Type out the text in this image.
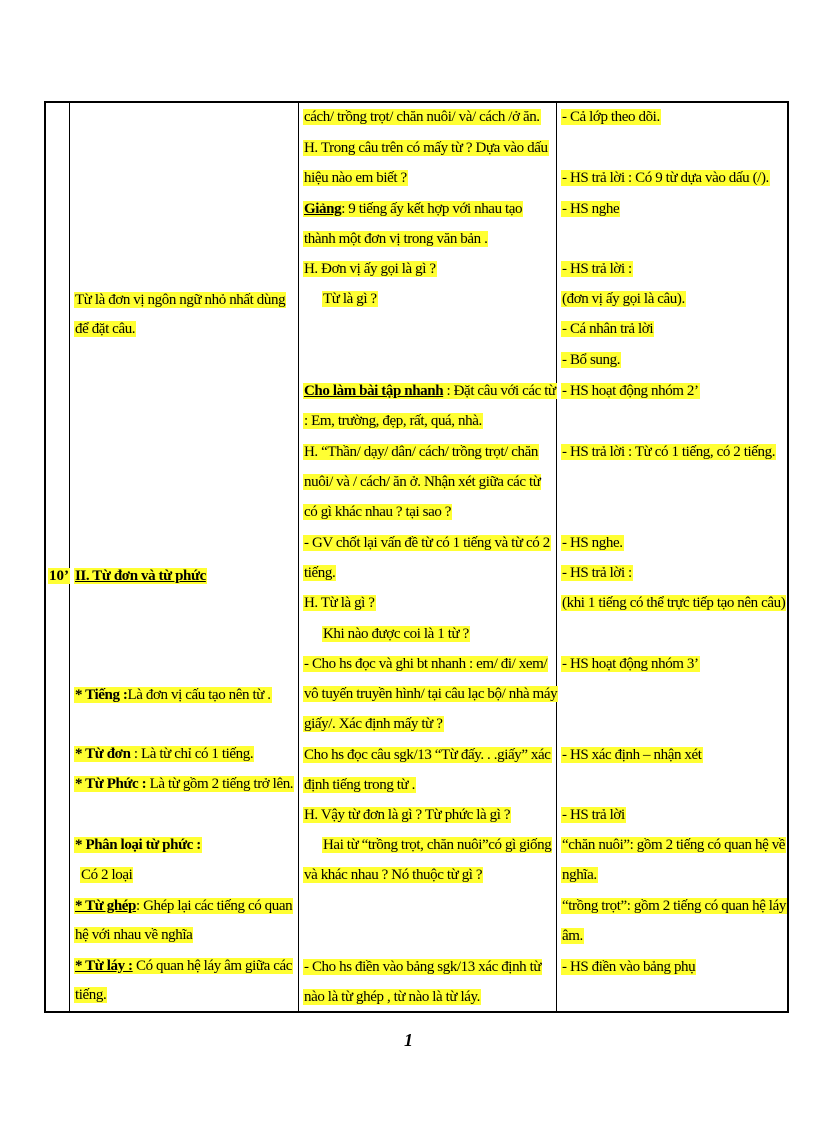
10’
Từ là đơn vị ngôn ngữ nhỏ nhất dùng
để đặt câu.
II. Từ đơn và từ phức
* Tiếng :Là đơn vị cấu tạo nên từ .
* Từ đơn : Là từ chỉ có 1 tiếng.
* Từ Phức : Là từ gồm 2 tiếng trở lên.
* Phân loại từ phức :
Có 2 loại
* Từ ghép: Ghép lại các tiếng có quan
hệ với nhau về nghĩa
* Từ láy : Có quan hệ láy âm giữa các
tiếng.
cách/ trồng trọt/ chăn nuôi/ và/ cách /ở ăn.
H. Trong câu trên có mấy từ ? Dựa vào dấu
hiệu nào em biết ?
Giảng: 9 tiếng ấy kết hợp với nhau tạo
thành một đơn vị trong văn bản .
H. Đơn vị ấy gọi là gì ?
Từ là gì ?
Cho làm bài tập nhanh : Đặt câu với các từ
: Em, trường, đẹp, rất, quá, nhà.
H. “Thần/ dạy/ dân/ cách/ trồng trọt/ chăn
nuôi/ và / cách/ ăn ở. Nhận xét giữa các từ
có gì khác nhau ? tại sao ?
- GV chốt lại vấn đề từ có 1 tiếng và từ có 2
tiếng.
H. Từ là gì ?
Khi nào được coi là 1 từ ?
- Cho hs đọc và ghi bt nhanh : em/ đi/ xem/
vô tuyến truyền hình/ tại câu lạc bộ/ nhà máy
giấy/. Xác định mấy từ ?
Cho hs đọc câu sgk/13 “Từ đấy. . .giấy” xác
định tiếng trong từ .
H. Vậy từ đơn là gì ? Từ phức là gì ?
Hai từ “trồng trọt, chăn nuôi”có gì giống
và khác nhau ? Nó thuộc từ gì ?
- Cho hs điền vào bảng sgk/13 xác định từ
nào là từ ghép , từ nào là từ láy.
- Cả lớp theo dõi.
- HS trả lời : Có 9 từ dựa vào dấu (/).
- HS nghe
- HS trả lời :
(đơn vị ấy gọi là câu).
- Cá nhân trả lời
- Bổ sung.
- HS hoạt động nhóm 2’
- HS trả lời : Từ có 1 tiếng, có 2 tiếng.
- HS nghe.
- HS trả lời :
(khi 1 tiếng có thể trực tiếp tạo nên câu)
- HS hoạt động nhóm 3’
- HS xác định – nhận xét
- HS trả lời
“chăn nuôi”: gồm 2 tiếng có quan hệ về
nghĩa.
“trồng trọt”: gồm 2 tiếng có quan hệ láy
âm.
- HS điền vào bảng phụ
1
